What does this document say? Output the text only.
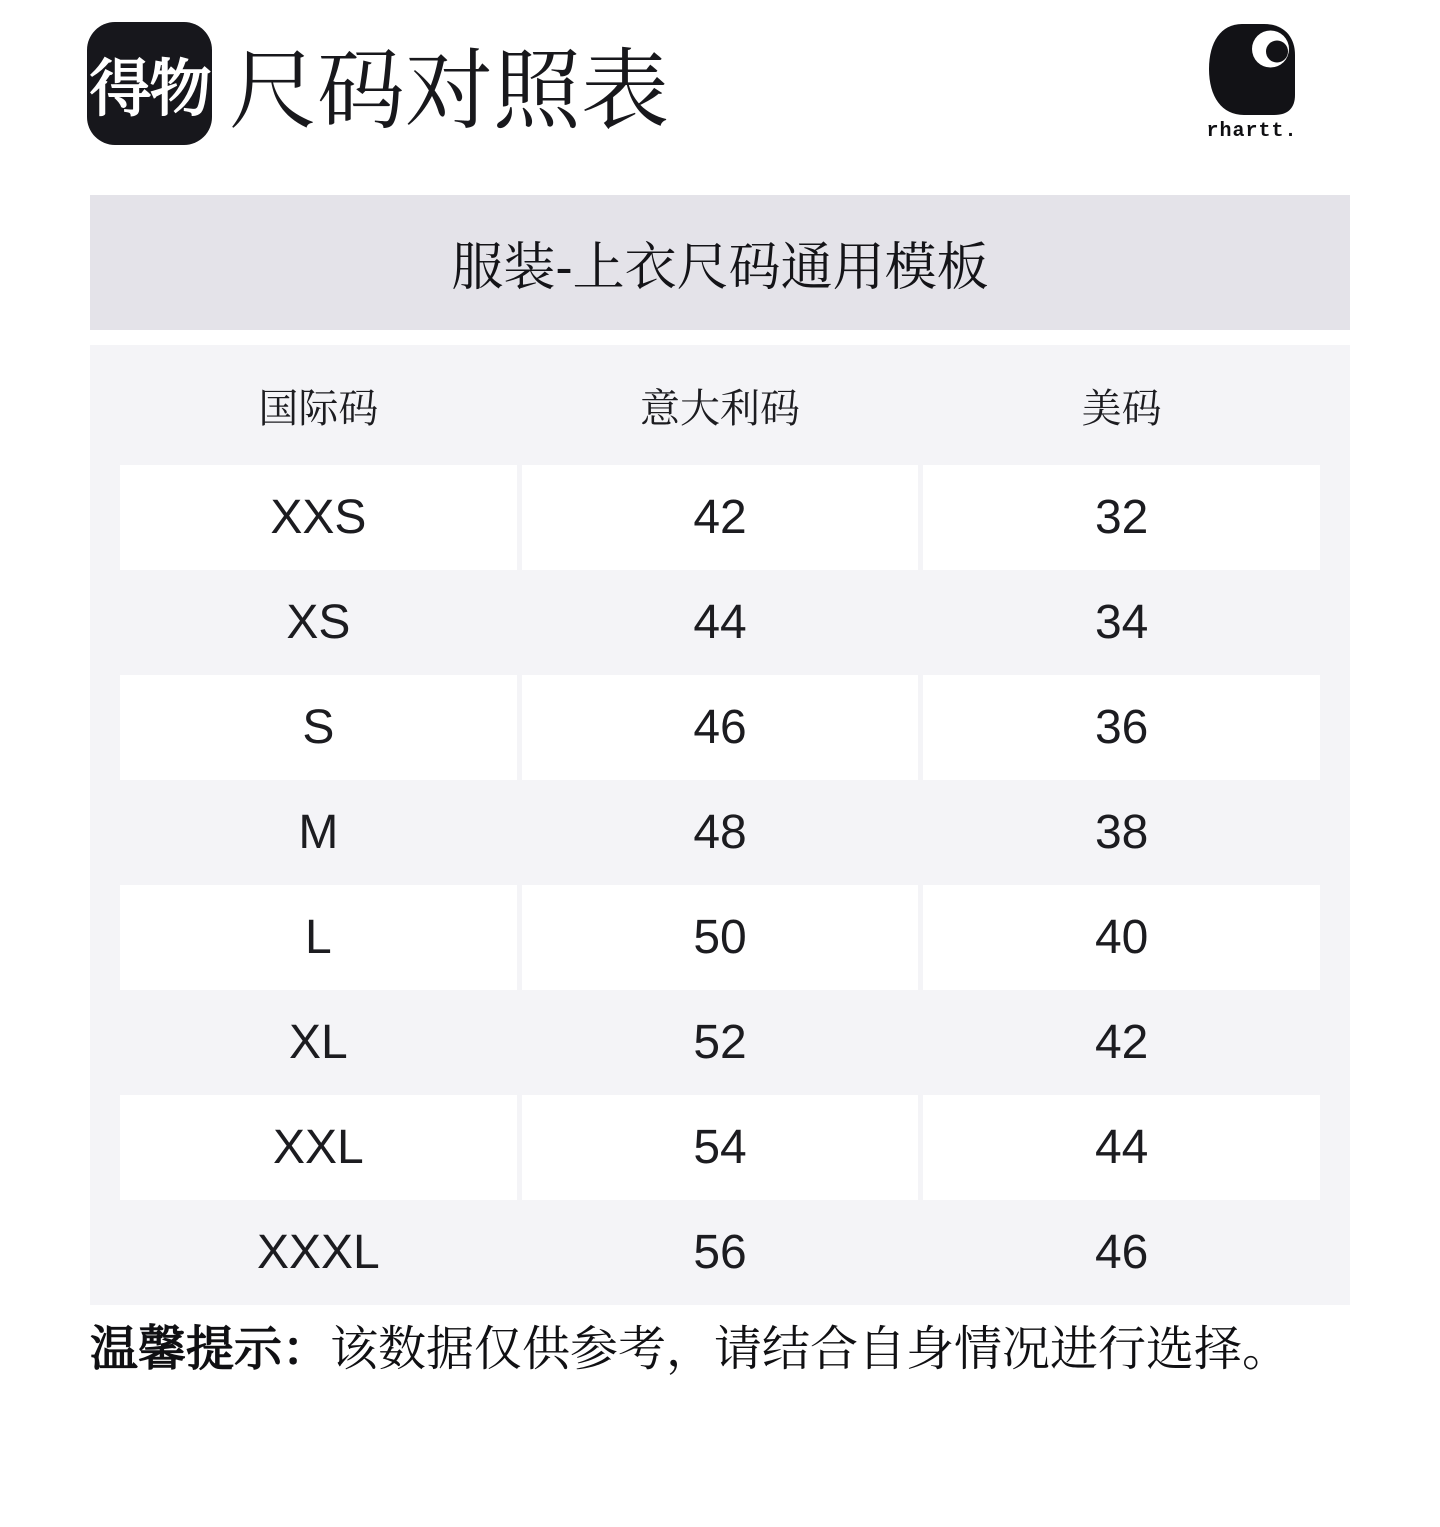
得物 尺码对照表	rhartt.
服装-上衣尺码通用模板
国际码	意大利码	美码
XXS	42	32
XS	44	34
S	46	36
M	48	38
L	50	40
XL	52	42
XXL	54	44
XXXL	56	46

温馨提示：该数据仅供参考，请结合自身情况进行选择。
